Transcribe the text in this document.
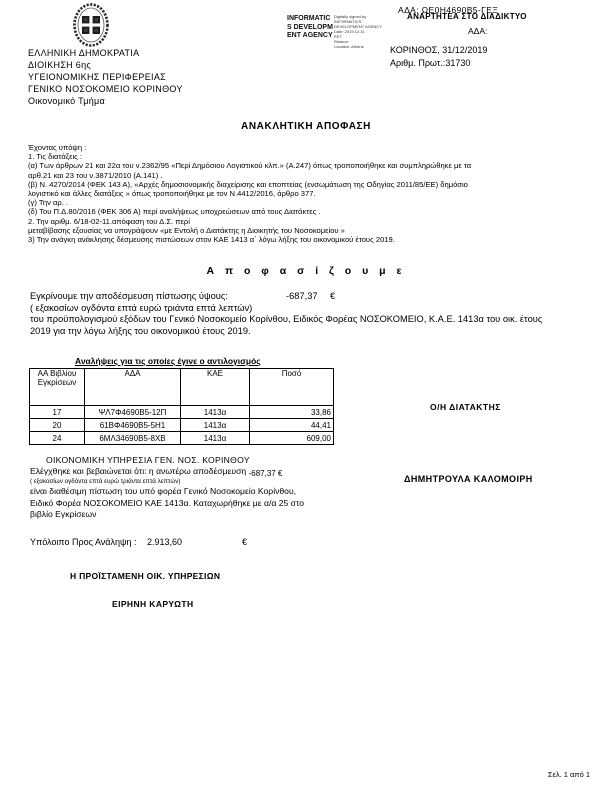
ΕΛΛΗΝΙΚΗ ΔΗΜΟΚΡΑΤΙΑ
ΔΙΟΙΚΗΣΗ 6ης
ΥΓΕΙΟΝΟΜΙΚΗΣ ΠΕΡΙΦΕΡΕΙΑΣ
ΓΕΝΙΚΟ ΝΟΣΟΚΟΜΕΙΟ ΚΟΡΙΝΘΟΥ
Οικονομικό Τμήμα
INFORMATICS DEVELOPMENT AGENCY
Digitally signed by
INFORMATICS
DEVELOPMENT AGENCY
Date: 2019.12.31
EET
Reason:
Location: Athens
ΑΔΑ: ΩΕ0Η4690Β5-ΓΕΞ
ΑΝΑΡΤΗΤΕΑ ΣΤΟ ΔΙΑΔΙΚΤΥΟ
ΑΔΑ:
ΚΟΡΙΝΘΟΣ, 31/12/2019
Αριθμ. Πρωτ.:31730
ΑΝΑΚΛΗΤΙΚΗ ΑΠΟΦΑΣΗ
Έχοντας υπόψη :
1. Τις διατάξεις :
(α) Των άρθρων 21 και 22α του ν.2362/95 «Περί Δημόσιου Λογιστικού κλπ.» (Α.247) όπως τροποποιήθηκε και συμπληρώθηκε με τα
αρθ.21 και 23 του ν.3871/2010 (Α.141) .
(β) Ν. 4270/2014 (ΦΕΚ 143 Α), «Αρχές δημοσιονομικής διαχείρισης και εποπτείας (ενσωμάτωση της Οδηγίας 2011/85/ΕΕ) δημόσιο
λογιστικό και άλλες διατάξεις » όπως τροποποιήθηκε με τον Ν.4412/2016, άρθρο 377.
(γ) Την αρ. .
(δ) Του Π.Δ.80/2016 (ΦΕΚ 306 Α) περί αναλήψεως υποχρεώσεων από τους Διατάκτες .
2. Την αριθμ. 6/18-02-11.απόφαση του Δ.Σ. περί
μεταβίβασης εξουσίας να υπογράψουν «με Εντολή ο Διατάκτης η Διοικητής του Νοσοκομείου »
3) Την ανάγκη ανάκλησης δέσμευσης πιστώσεων στον ΚΑΕ 1413 α΄ λόγω λήξης του οικονομικού έτους 2019.
Α π ο φ α σ ί ζ ο υ μ ε
Εγκρίνουμε την αποδέσμευση πίστωσης ύψους:	-687,37 €
( εξακοσίων ογδόντα επτά ευρώ τριάντα επτά λεπτών)
του προϋπολογισμού εξόδων του Γενικό Νοσοκομείο Κορίνθου, Ειδικός Φορέας ΝΟΣΟΚΟΜΕΙΟ, Κ.Α.Ε. 1413α του οικ. έτους
2019 για την λόγω λήξης του οικονομικού έτους 2019.
Αναλήψεις για τις οποίες έγινε ο αντιλογισμός
ΑΑ Βιβλίου Εγκρίσεων	ΑΔΑ	ΚΑΕ	Ποσό
17	ΨΛ7Φ4690Β5-12Π	1413α	33,86
20	61ΒΦ4690Β5-5Η1	1413α	44,41
24	6ΜΛ34690Β5-8ΧΒ	1413α	609,00
Ο/Η ΔΙΑΤΑΚΤΗΣ
ΔΗΜΗΤΡΟΥΛΑ ΚΑΛΟΜΟΙΡΗ
ΟΙΚΟΝΟΜΙΚΗ ΥΠΗΡΕΣΙΑ ΓΕΝ. ΝΟΣ. ΚΟΡΙΝΘΟΥ
Ελέγχθηκε και βεβαιώνεται ότι: η ανωτέρω αποδέσμευση -687,37 €
( εξακοσίων ογδόντα επτά ευρώ τριάντα επτά λεπτών)
είναι διαθέσιμη πίστωση του υπό φορέα Γενικό Νοσοκομείο Κορίνθου,
Ειδικό Φορέα ΝΟΣΟΚΟΜΕΙΟ ΚΑΕ 1413α. Καταχωρήθηκε με α/α 25 στο
βιβλίο Εγκρίσεων
Υπόλοιπο Προς Ανάληψη : 2.913,60	€
Η ΠΡΟΪΣΤΑΜΕΝΗ ΟΙΚ. ΥΠΗΡΕΣΙΩΝ
ΕΙΡΗΝΗ ΚΑΡΥΩΤΗ
Σελ. 1 από 1
